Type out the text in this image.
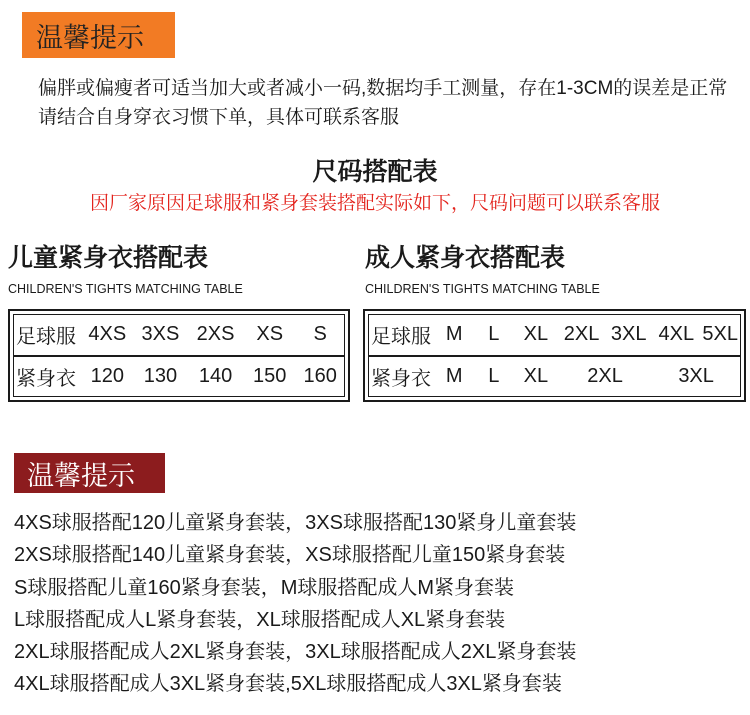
温馨提示
偏胖或偏瘦者可适当加大或者减小一码,数据均手工测量，存在1-3CM的误差是正常
请结合自身穿衣习惯下单，具体可联系客服
尺码搭配表
因厂家原因足球服和紧身套装搭配实际如下，尺码问题可以联系客服
儿童紧身衣搭配表
CHILDREN'S TIGHTS MATCHING TABLE
成人紧身衣搭配表
CHILDREN'S TIGHTS MATCHING TABLE
足球服	4XS	3XS	2XS	XS	S
紧身衣	120	130	140	150	160
足球服	M	L	XL	2XL	3XL	4XL	5XL
紧身衣	M	L	XL	2XL		3XL	
温馨提示
4XS球服搭配120儿童紧身套装，3XS球服搭配130紧身儿童套装
2XS球服搭配140儿童紧身套装，XS球服搭配儿童150紧身套装
S球服搭配儿童160紧身套装，M球服搭配成人M紧身套装
L球服搭配成人L紧身套装，XL球服搭配成人XL紧身套装
2XL球服搭配成人2XL紧身套装，3XL球服搭配成人2XL紧身套装
4XL球服搭配成人3XL紧身套装,5XL球服搭配成人3XL紧身套装
